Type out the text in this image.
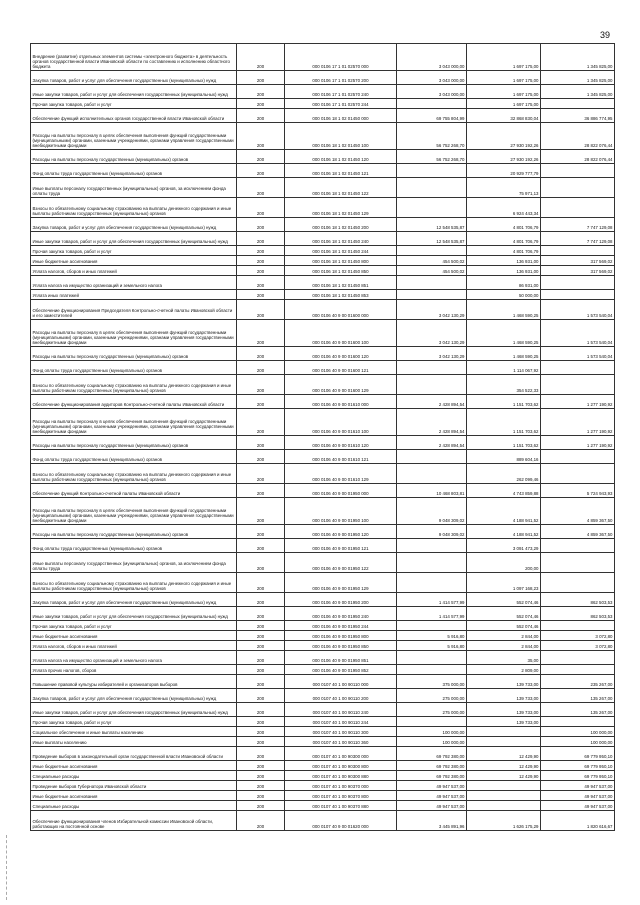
39
Внедрение (развитие) отдельных элементов системы «электронного бюджета» в деятельность органов государственной власти Ивановской области по составлению и исполнению областного бюджета	200	000 0106 17 1 01 02570 000	3 043 000,00	1 697 175,00	1 345 825,00
Закупка товаров, работ и услуг для обеспечения государственных (муниципальных) нужд	200	000 0106 17 1 01 02570 200	3 043 000,00	1 697 175,00	1 345 825,00
Иные закупки товаров, работ и услуг для обеспечения государственных (муниципальных) нужд	200	000 0106 17 1 01 02570 240	3 043 000,00	1 697 175,00	1 345 825,00
Прочая закупка товаров, работ и услуг	200	000 0106 17 1 01 02570 244		1 697 175,00	
Обеспечение функций исполнительных органов государственной власти Ивановской области	200	000 0106 18 1 02 01450 000	69 755 804,99	32 868 830,04	36 886 774,95
Расходы на выплаты персоналу в целях обеспечения выполнения функций государственными (муниципальными) органами, казенными учреждениями, органами управления государственными внебюджетными фондами	200	000 0106 18 1 02 01450 100	56 752 268,70	27 930 192,26	28 822 076,44
Расходы на выплаты персоналу государственных (муниципальных) органов	200	000 0106 18 1 02 01450 120	56 752 268,70	27 930 192,26	28 822 076,44
Фонд оплаты труда государственных (муниципальных) органов	200	000 0106 18 1 02 01450 121		20 929 777,79	
Иные выплаты персоналу государственных (муниципальных) органов, за исключением фонда оплаты труда	200	000 0106 18 1 02 01450 122		75 971,13	
Взносы по обязательному социальному страхованию на выплаты денежного содержания и иные выплаты работникам государственных (муниципальных) органов	200	000 0106 18 1 02 01450 129		6 924 443,34	
Закупка товаров, работ и услуг для обеспечения государственных (муниципальных) нужд	200	000 0106 18 1 02 01450 200	12 548 535,87	4 801 706,79	7 747 129,08
Иные закупки товаров, работ и услуг для обеспечения государственных (муниципальных) нужд	200	000 0106 18 1 02 01450 240	12 548 535,87	4 801 706,79	7 747 129,08
Прочая закупка товаров, работ и услуг	200	000 0106 18 1 02 01450 244		4 801 706,79	
Иные бюджетные ассигнования	200	000 0106 18 1 02 01450 800	454 500,02	136 931,00	317 569,02
Уплата налогов, сборов и иных платежей	200	000 0106 18 1 02 01450 850	454 500,02	136 931,00	317 569,02
Уплата налога на имущество организаций и земельного налога	200	000 0106 18 1 02 01450 851		86 931,00	
Уплата иных платежей	200	000 0106 18 1 02 01450 853		50 000,00	
Обеспечение функционирования Председателя Контрольно-счетной палаты Ивановской области и его заместителей	200	000 0106 40 9 00 01600 000	3 042 130,29	1 468 590,25	1 573 540,04
Расходы на выплаты персоналу в целях обеспечения выполнения функций государственными (муниципальными) органами, казенными учреждениями, органами управления государственными внебюджетными фондами	200	000 0106 40 9 00 01600 100	3 042 130,29	1 468 590,25	1 573 540,04
Расходы на выплаты персоналу государственных (муниципальных) органов	200	000 0106 40 9 00 01600 120	3 042 130,29	1 468 590,25	1 573 540,04
Фонд оплаты труда государственных (муниципальных) органов	200	000 0106 40 9 00 01600 121		1 114 067,92	
Взносы по обязательному социальному страхованию на выплаты денежного содержания и иные выплаты работникам государственных (муниципальных) органов	200	000 0106 40 9 00 01600 129		354 522,33	
Обеспечение функционирования аудиторов Контрольно-счетной палаты Ивановской области	200	000 0106 40 9 00 01610 000	2 428 894,54	1 151 703,62	1 277 190,92
Расходы на выплаты персоналу в целях обеспечения выполнения функций государственными (муниципальными) органами, казенными учреждениями, органами управления государственными внебюджетными фондами	200	000 0106 40 9 00 01610 100	2 428 894,54	1 151 703,62	1 277 190,92
Расходы на выплаты персоналу государственных (муниципальных) органов	200	000 0106 40 9 00 01610 120	2 428 894,54	1 151 703,62	1 277 190,92
Фонд оплаты труда государственных (муниципальных) органов	200	000 0106 40 9 00 01610 121		889 604,16	
Взносы по обязательному социальному страхованию на выплаты денежного содержания и иные выплаты работникам государственных (муниципальных) органов	200	000 0106 40 9 00 01610 129		262 099,46	
Обеспечение функций Контрольно-счетной палаты Ивановской области	200	000 0106 40 9 00 01950 000	10 468 803,81	4 743 859,88	5 724 943,93
Расходы на выплаты персоналу в целях обеспечения выполнения функций государственными (муниципальными) органами, казенными учреждениями, органами управления государственными внебюджетными фондами	200	000 0106 40 9 00 01950 100	9 048 309,02	4 188 941,52	4 859 367,50
Расходы на выплаты персоналу государственных (муниципальных) органов	200	000 0106 40 9 00 01950 120	9 048 309,02	4 188 941,52	4 859 367,50
Фонд оплаты труда государственных (муниципальных) органов	200	000 0106 40 9 00 01950 121		3 091 473,29	
Иные выплаты персоналу государственных (муниципальных) органов, за исключением фонда оплаты труда	200	000 0106 40 9 00 01950 122		200,00	
Взносы по обязательному социальному страхованию на выплаты денежного содержания и иные выплаты работникам государственных (муниципальных) органов	200	000 0106 40 9 00 01950 129		1 097 168,23	
Закупка товаров, работ и услуг для обеспечения государственных (муниципальных) нужд	200	000 0106 40 9 00 01950 200	1 414 577,99	552 074,46	862 503,53
Иные закупки товаров, работ и услуг для обеспечения государственных (муниципальных) нужд	200	000 0106 40 9 00 01950 240	1 414 577,99	552 074,46	862 503,53
Прочая закупка товаров, работ и услуг	200	000 0106 40 9 00 01950 244		552 074,46	
Иные бюджетные ассигнования	200	000 0106 40 9 00 01950 800	5 916,80	2 844,00	3 072,80
Уплата налогов, сборов и иных платежей	200	000 0106 40 9 00 01950 850	5 916,80	2 844,00	3 072,80
Уплата налога на имущество организаций и земельного налога	200	000 0106 40 9 00 01950 851		35,00	
Уплата прочих налогов, сборов	200	000 0106 40 9 00 01950 852		2 809,00	
Повышение правовой культуры избирателей и организаторов выборов	200	000 0107 40 1 00 90110 000	375 000,00	139 733,00	235 267,00
Закупка товаров, работ и услуг для обеспечения государственных (муниципальных) нужд	200	000 0107 40 1 00 90110 200	275 000,00	139 733,00	135 267,00
Иные закупки товаров, работ и услуг для обеспечения государственных (муниципальных) нужд	200	000 0107 40 1 00 90110 240	275 000,00	139 733,00	135 267,00
Прочая закупка товаров, работ и услуг	200	000 0107 40 1 00 90110 244		139 733,00	
Социальное обеспечение и иные выплаты населению	200	000 0107 40 1 00 90110 300	100 000,00		100 000,00
Иные выплаты населению	200	000 0107 40 1 00 90110 360	100 000,00		100 000,00
Проведение выборов в законодательный орган государственной власти Ивановской области	200	000 0107 40 1 00 90300 000	69 792 380,00	12 429,90	69 779 950,10
Иные бюджетные ассигнования	200	000 0107 40 1 00 90300 800	69 792 380,00	12 429,90	69 779 950,10
Специальные расходы	200	000 0107 40 1 00 90300 880	69 792 380,00	12 429,90	69 779 950,10
Проведение выборов Губернатора Ивановской области	200	000 0107 40 1 00 90370 000	49 947 537,00		49 947 537,00
Иные бюджетные ассигнования	200	000 0107 40 1 00 90370 800	49 947 537,00		49 947 537,00
Специальные расходы	200	000 0107 40 1 00 90370 880	49 947 537,00		49 947 537,00
Обеспечение функционирования членов Избирательной комиссии Ивановской области, работающих на постоянной основе	200	000 0107 40 9 00 01620 000	3 445 891,96	1 626 175,29	1 820 616,67
